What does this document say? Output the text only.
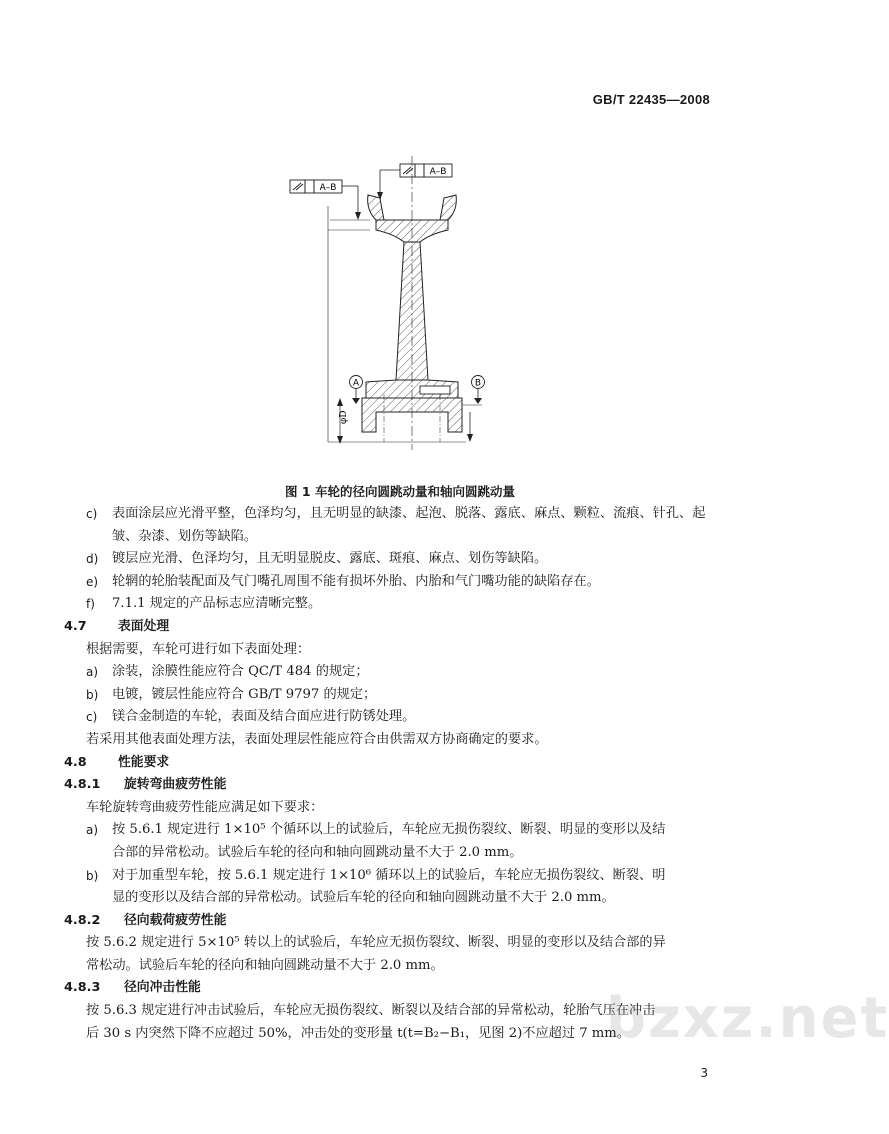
GB/T 22435—2008
A–B
A–B
A	B
φD
图 1 车轮的径向圆跳动量和轴向圆跳动量
c) 表面涂层应光滑平整，色泽均匀，且无明显的缺漆、起泡、脱落、露底、麻点、颗粒、流痕、针孔、起
皱、杂漆、划伤等缺陷。
d) 镀层应光滑、色泽均匀，且无明显脱皮、露底、斑痕、麻点、划伤等缺陷。
e) 轮辋的轮胎装配面及气门嘴孔周围不能有损坏外胎、内胎和气门嘴功能的缺陷存在。
f) 7.1.1 规定的产品标志应清晰完整。
4.7 表面处理
根据需要，车轮可进行如下表面处理：
a) 涂装，涂膜性能应符合 QC/T 484 的规定；
b) 电镀，镀层性能应符合 GB/T 9797 的规定；
c) 镁合金制造的车轮，表面及结合面应进行防锈处理。
若采用其他表面处理方法，表面处理层性能应符合由供需双方协商确定的要求。
4.8 性能要求
4.8.1 旋转弯曲疲劳性能
车轮旋转弯曲疲劳性能应满足如下要求：
a) 按 5.6.1 规定进行 1×10⁵ 个循环以上的试验后，车轮应无损伤裂纹、断裂、明显的变形以及结
合部的异常松动。试验后车轮的径向和轴向圆跳动量不大于 2.0 mm。
b) 对于加重型车轮，按 5.6.1 规定进行 1×10⁶ 循环以上的试验后，车轮应无损伤裂纹、断裂、明
显的变形以及结合部的异常松动。试验后车轮的径向和轴向圆跳动量不大于 2.0 mm。
4.8.2 径向载荷疲劳性能
按 5.6.2 规定进行 5×10⁵ 转以上的试验后，车轮应无损伤裂纹、断裂、明显的变形以及结合部的异
常松动。试验后车轮的径向和轴向圆跳动量不大于 2.0 mm。
4.8.3 径向冲击性能
按 5.6.3 规定进行冲击试验后，车轮应无损伤裂纹、断裂以及结合部的异常松动，轮胎气压在冲击
后 30 s 内突然下降不应超过 50%，冲击处的变形量 t(t=B₂−B₁，见图 2)不应超过 7 mm。
bzxz.net
3
